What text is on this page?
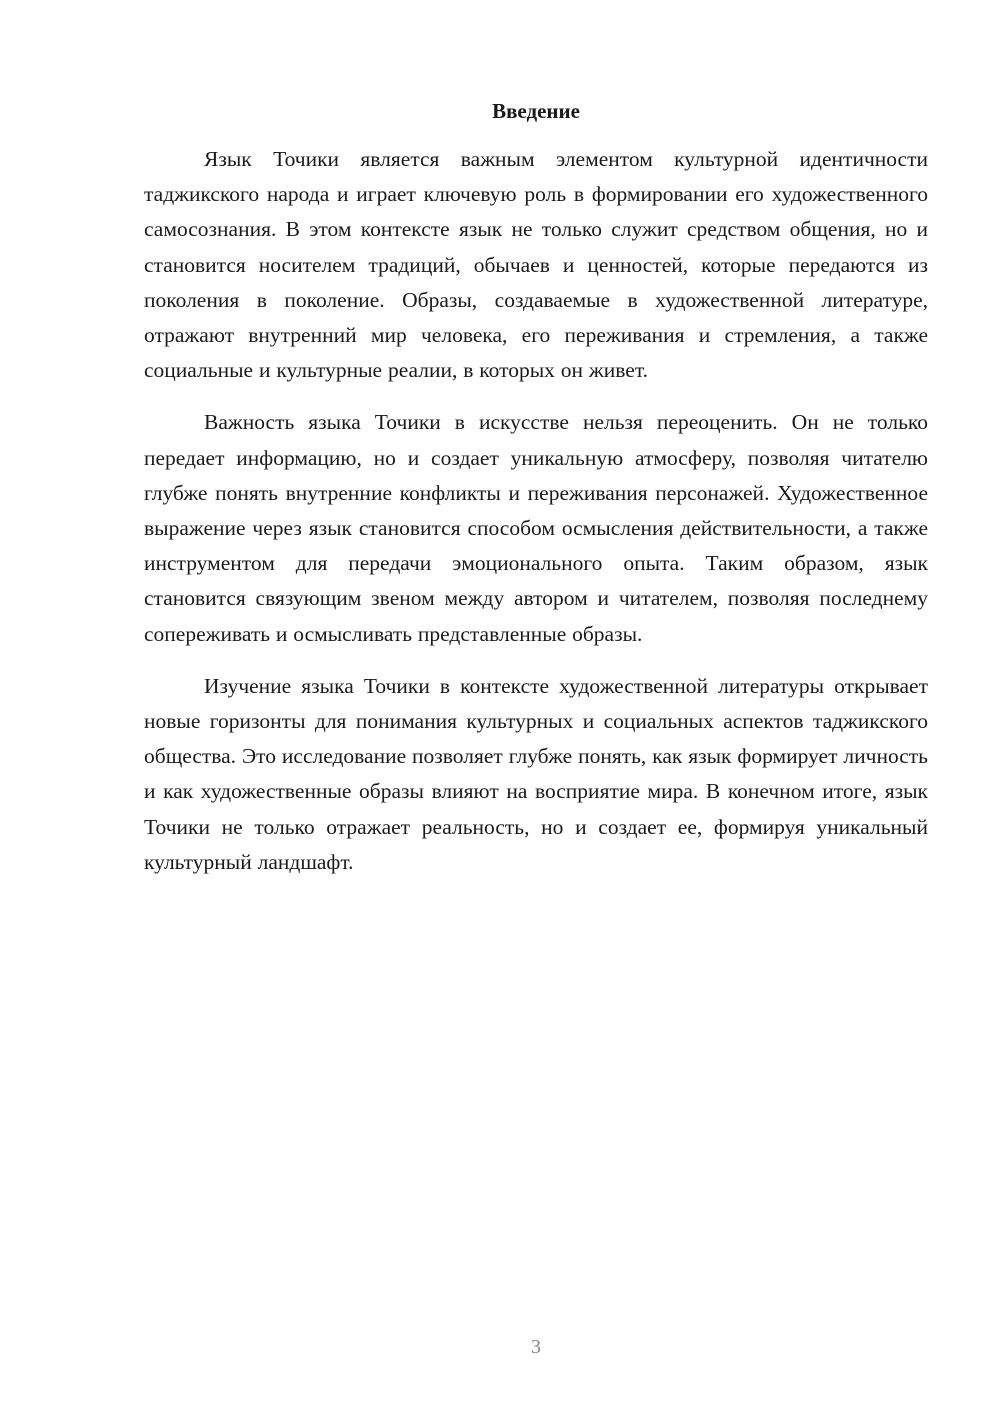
Введение

Язык Точики является важным элементом культурной идентичности таджикского народа и играет ключевую роль в формировании его художественного самосознания. В этом контексте язык не только служит средством общения, но и становится носителем традиций, обычаев и ценностей, которые передаются из поколения в поколение. Образы, создаваемые в художественной литературе, отражают внутренний мир человека, его переживания и стремления, а также социальные и культурные реалии, в которых он живет.

Важность языка Точики в искусстве нельзя переоценить. Он не только передает информацию, но и создает уникальную атмосферу, позволяя читателю глубже понять внутренние конфликты и переживания персонажей. Художественное выражение через язык становится способом осмысления действительности, а также инструментом для передачи эмоционального опыта. Таким образом, язык становится связующим звеном между автором и читателем, позволяя последнему сопереживать и осмысливать представленные образы.

Изучение языка Точики в контексте художественной литературы открывает новые горизонты для понимания культурных и социальных аспектов таджикского общества. Это исследование позволяет глубже понять, как язык формирует личность и как художественные образы влияют на восприятие мира. В конечном итоге, язык Точики не только отражает реальность, но и создает ее, формируя уникальный культурный ландшафт.

3
